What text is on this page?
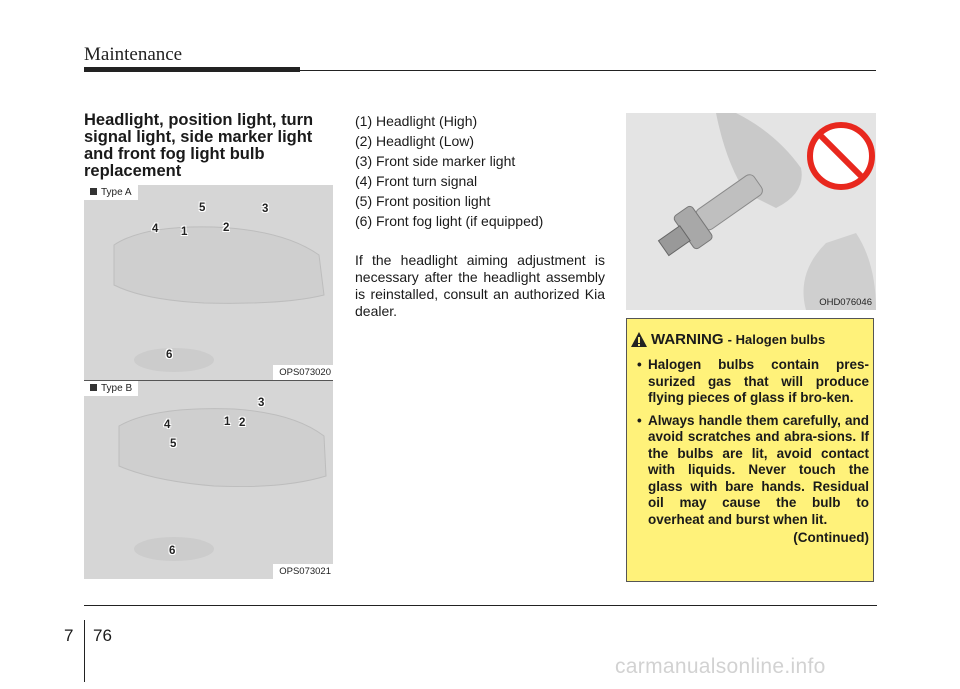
Maintenance
Headlight, position light, turn
signal light, side marker light
and front fog light bulb
replacement
Type A
5	3
4 1	2
6
OPS073020
Type B
3
4	1 2
5
6
OPS073021
(1) Headlight (High)
(2) Headlight (Low)
(3) Front side marker light
(4) Front turn signal
(5) Front position light
(6) Front fog light (if equipped)
If the headlight aiming adjustment is necessary after the headlight assembly is reinstalled, consult an authorized Kia dealer.
OHD076046
WARNING - Halogen bulbs
• Halogen bulbs contain pres-surized gas that will produce flying pieces of glass if bro-ken.
• Always handle them carefully, and avoid scratches and abra-sions. If the bulbs are lit, avoid contact with liquids. Never touch the glass with bare hands. Residual oil may cause the bulb to overheat and burst when lit.
(Continued)
7 76
carmanualsonline.info
